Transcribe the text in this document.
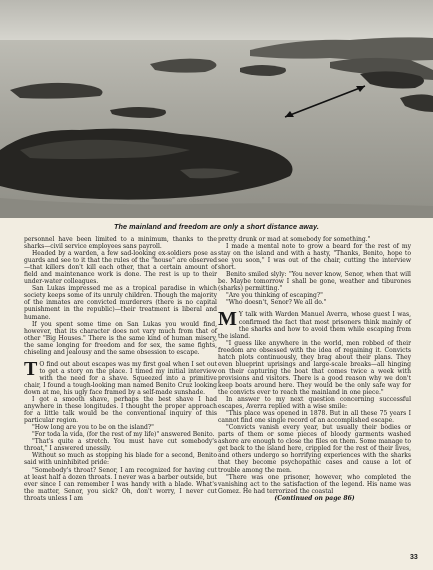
The mainland and freedom are only a short distance away.

personnel have been limited to a minimum, thanks to the sharks—civil service employees sans payroll.

Headed by a warden, a few sad-looking ex-soldiers pose as guards and see to it that the rules of the "house" are observed—that killers don't kill each other, that a certain amount of field and maintenance work is done. The rest is up to their under-water colleagues.

San Lukas impressed me as a tropical paradise in which society keeps some of its unruly children. Though the majority of the inmates are convicted murderers (there is no capital punishment in the republic)—their treatment is liberal and humane.

If you spent some time on San Lukas you would find, however, that its character does not vary much from that of other "Big Houses." There is the same kind of human misery, the same longing for freedom and for sex, the same fights, chiseling and jealousy and the same obsession to escape.

T O find out about escapes was my first goal when I set out to get a story on the place. I timed my initial interview with the need for a shave. Squeezed into a primitive chair, I found a tough-looking man named Benito Cruz looking down at me, his ugly face framed by a self-made sunshade.

I got a smooth shave, perhaps the best shave I had anywhere in these longitudes. I thought the proper approach for a little talk would be the conventional inquiry of this particular region.

"How long are you to be on the island?"

"For toda la vida, (for the rest of my life)" answered Benito.

"That's quite a stretch. You must have cut somebody's throat," I answered unessily.

Without so much as stopping his blade for a second, Benito said with uninhibited pride:

"Somebody's throat? Senor, I am recognized for having cut at least half a dozen throats. I never was a barber outside, but ever since I can remember I was handy with a blade. What's the matter, Senor, you sick? Oh, don't worry, I never cut throats unless I am

pretty drunk or mad at somebody for something."

I made a mental note to grow a beard for the rest of my stay on the island and with a hasty, "Thanks, Benito, hope to see you soon," I was out of the chair, cutting the interview short.

Benito smiled slyly: "You never know, Senor, when that will be. Maybe tomorrow I shall be gone, weather and tiburones (sharks) permitting."

"Are you thinking of escaping?"

"Who doesn't, Senor? We all do."

M Y talk with Warden Manuel Averra, whose guest I was, confirmed the fact that most prisoners think mainly of the sharks and how to avoid them while escaping from the island.

"I guess like anywhere in the world, men robbed of their freedom are obsessed with the idea of regaining it. Convicts hatch plots continuously, they brag about their plans. They even blueprint uprisings and large-scale breaks—all hinging on their capturing the boat that comes twice a week with provisions and visitors. There is a good reason why we don't keep boats around here. They would be the only safe way for the convicts ever to reach the mainland in one piece."

In answer to my next question concerning successful escapes, Averra replied with a wise smile:

"This place was opened in 1878. But in all these 75 years I cannot find one single record of an accomplished escape.

"Convicts vanish every year, but usually their bodies or parts of them or some pieces of bloody garments washed ashore are enough to close the files on them. Some manage to get back to the island here, crippled for the rest of their lives, and others undergo so horrifying experiences with the sharks that they become psychopathic cases and cause a lot of trouble among the men.

"There was one prisoner, however, who completed the vanishing act to the satisfaction of the legend. His name was Gomez. He had terrorized the coastal

(Continued on page 86)
33
